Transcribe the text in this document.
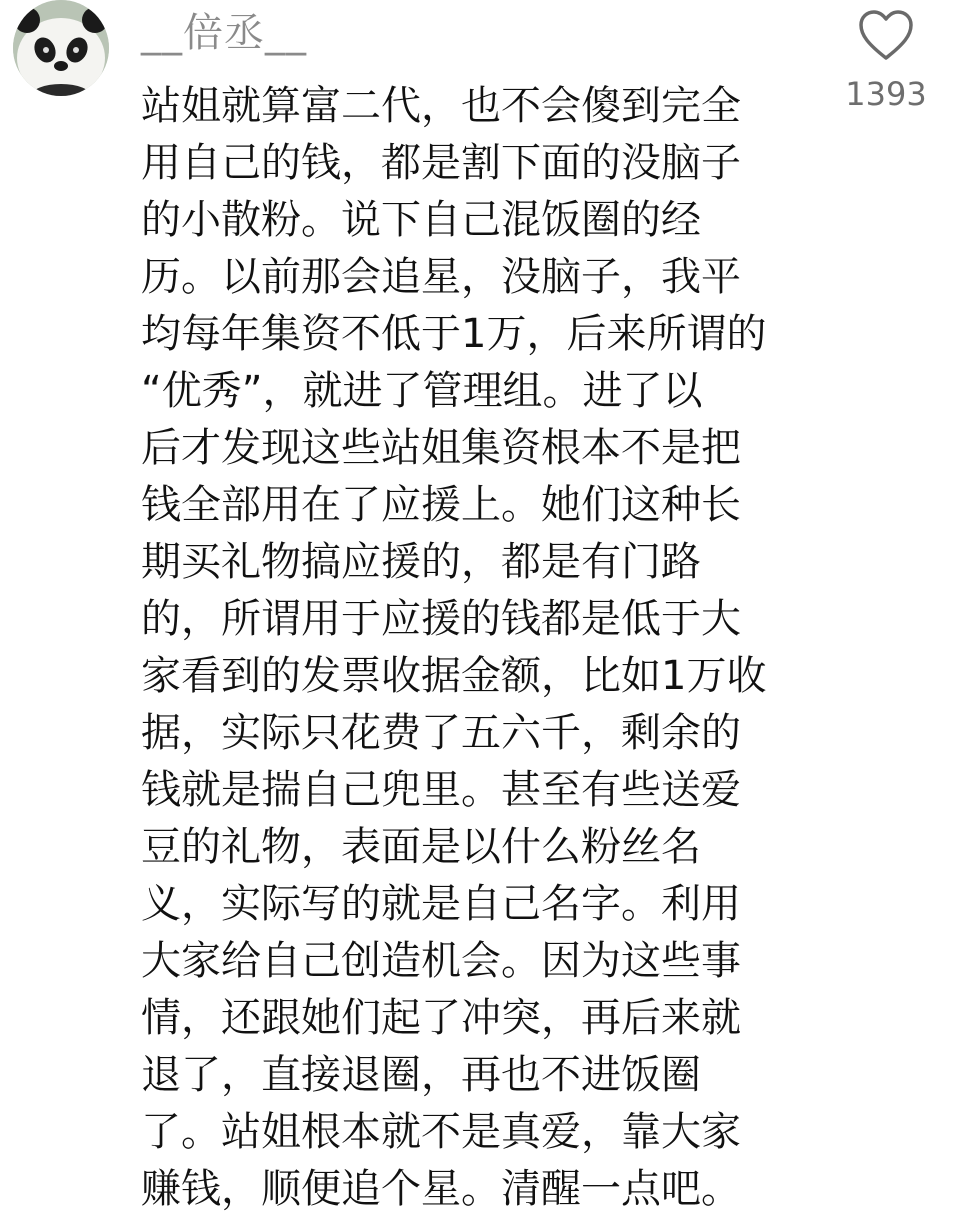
__倍丞__
1393
站姐就算富二代，也不会傻到完全
用自己的钱，都是割下面的没脑子
的小散粉。说下自己混饭圈的经
历。以前那会追星，没脑子，我平
均每年集资不低于1万，后来所谓的
“优秀”，就进了管理组。进了以
后才发现这些站姐集资根本不是把
钱全部用在了应援上。她们这种长
期买礼物搞应援的，都是有门路
的，所谓用于应援的钱都是低于大
家看到的发票收据金额，比如1万收
据，实际只花费了五六千，剩余的
钱就是揣自己兜里。甚至有些送爱
豆的礼物，表面是以什么粉丝名
义，实际写的就是自己名字。利用
大家给自己创造机会。因为这些事
情，还跟她们起了冲突，再后来就
退了，直接退圈，再也不进饭圈
了。站姐根本就不是真爱，靠大家
赚钱，顺便追个星。清醒一点吧。
